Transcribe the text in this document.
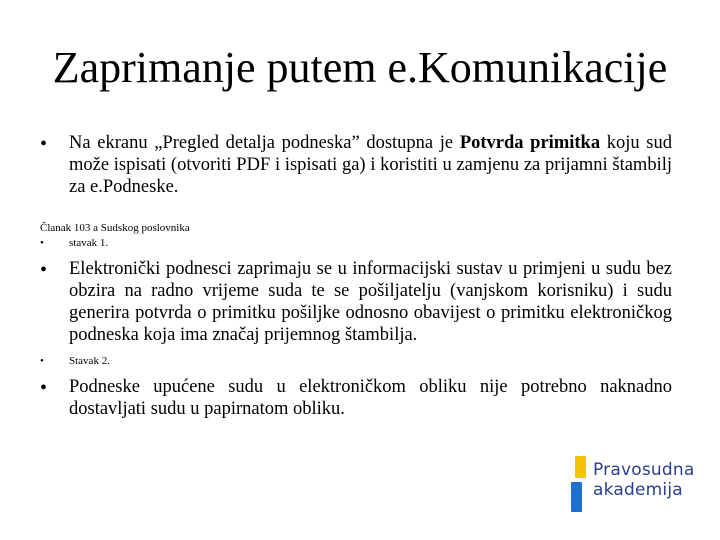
Zaprimanje putem e.Komunikacije
• Na ekranu „Pregled detalja podneska” dostupna je Potvrda primitka koju sud može ispisati (otvoriti PDF i ispisati ga) i koristiti u zamjenu za prijamni štambilj za e.Podneske.

Članak 103 a Sudskog poslovnika
• stavak 1.
• Elektronički podnesci zaprimaju se u informacijski sustav u primjeni u sudu bez obzira na radno vrijeme suda te se pošiljatelju (vanjskom korisniku) i sudu generira potvrda o primitku pošiljke odnosno obavijest o primitku elektroničkog podneska koja ima značaj prijemnog štambilja.

• Stavak 2.
• Podneske upućene sudu u elektroničkom obliku nije potrebno naknadno dostavljati sudu u papirnatom obliku.

Pravosudna
akademija
